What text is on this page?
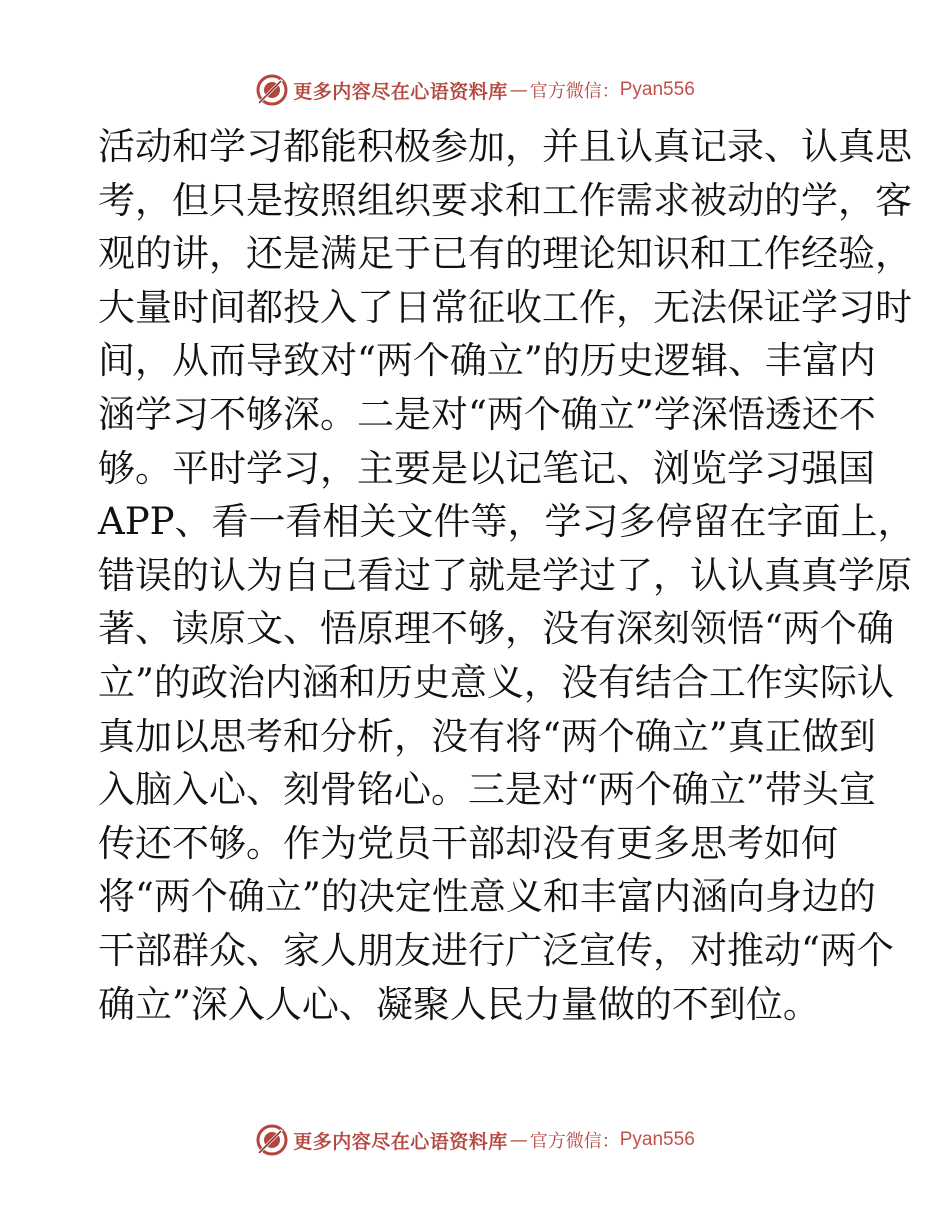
更多内容尽在心语资料库 — 官方微信： Pyan556
活动和学习都能积极参加，并且认真记录、认真思
考，但只是按照组织要求和工作需求被动的学，客
观的讲，还是满足于已有的理论知识和工作经验，
大量时间都投入了日常征收工作，无法保证学习时
间，从而导致对“两个确立”的历史逻辑、丰富内
涵学习不够深。二是对“两个确立”学深悟透还不
够。平时学习，主要是以记笔记、浏览学习强国
APP、看一看相关文件等，学习多停留在字面上，
错误的认为自己看过了就是学过了，认认真真学原
著、读原文、悟原理不够，没有深刻领悟“两个确
立”的政治内涵和历史意义，没有结合工作实际认
真加以思考和分析，没有将“两个确立”真正做到
入脑入心、刻骨铭心。三是对“两个确立”带头宣
传还不够。作为党员干部却没有更多思考如何
将“两个确立”的决定性意义和丰富内涵向身边的
干部群众、家人朋友进行广泛宣传，对推动“两个
确立”深入人心、凝聚人民力量做的不到位。
更多内容尽在心语资料库 — 官方微信： Pyan556
